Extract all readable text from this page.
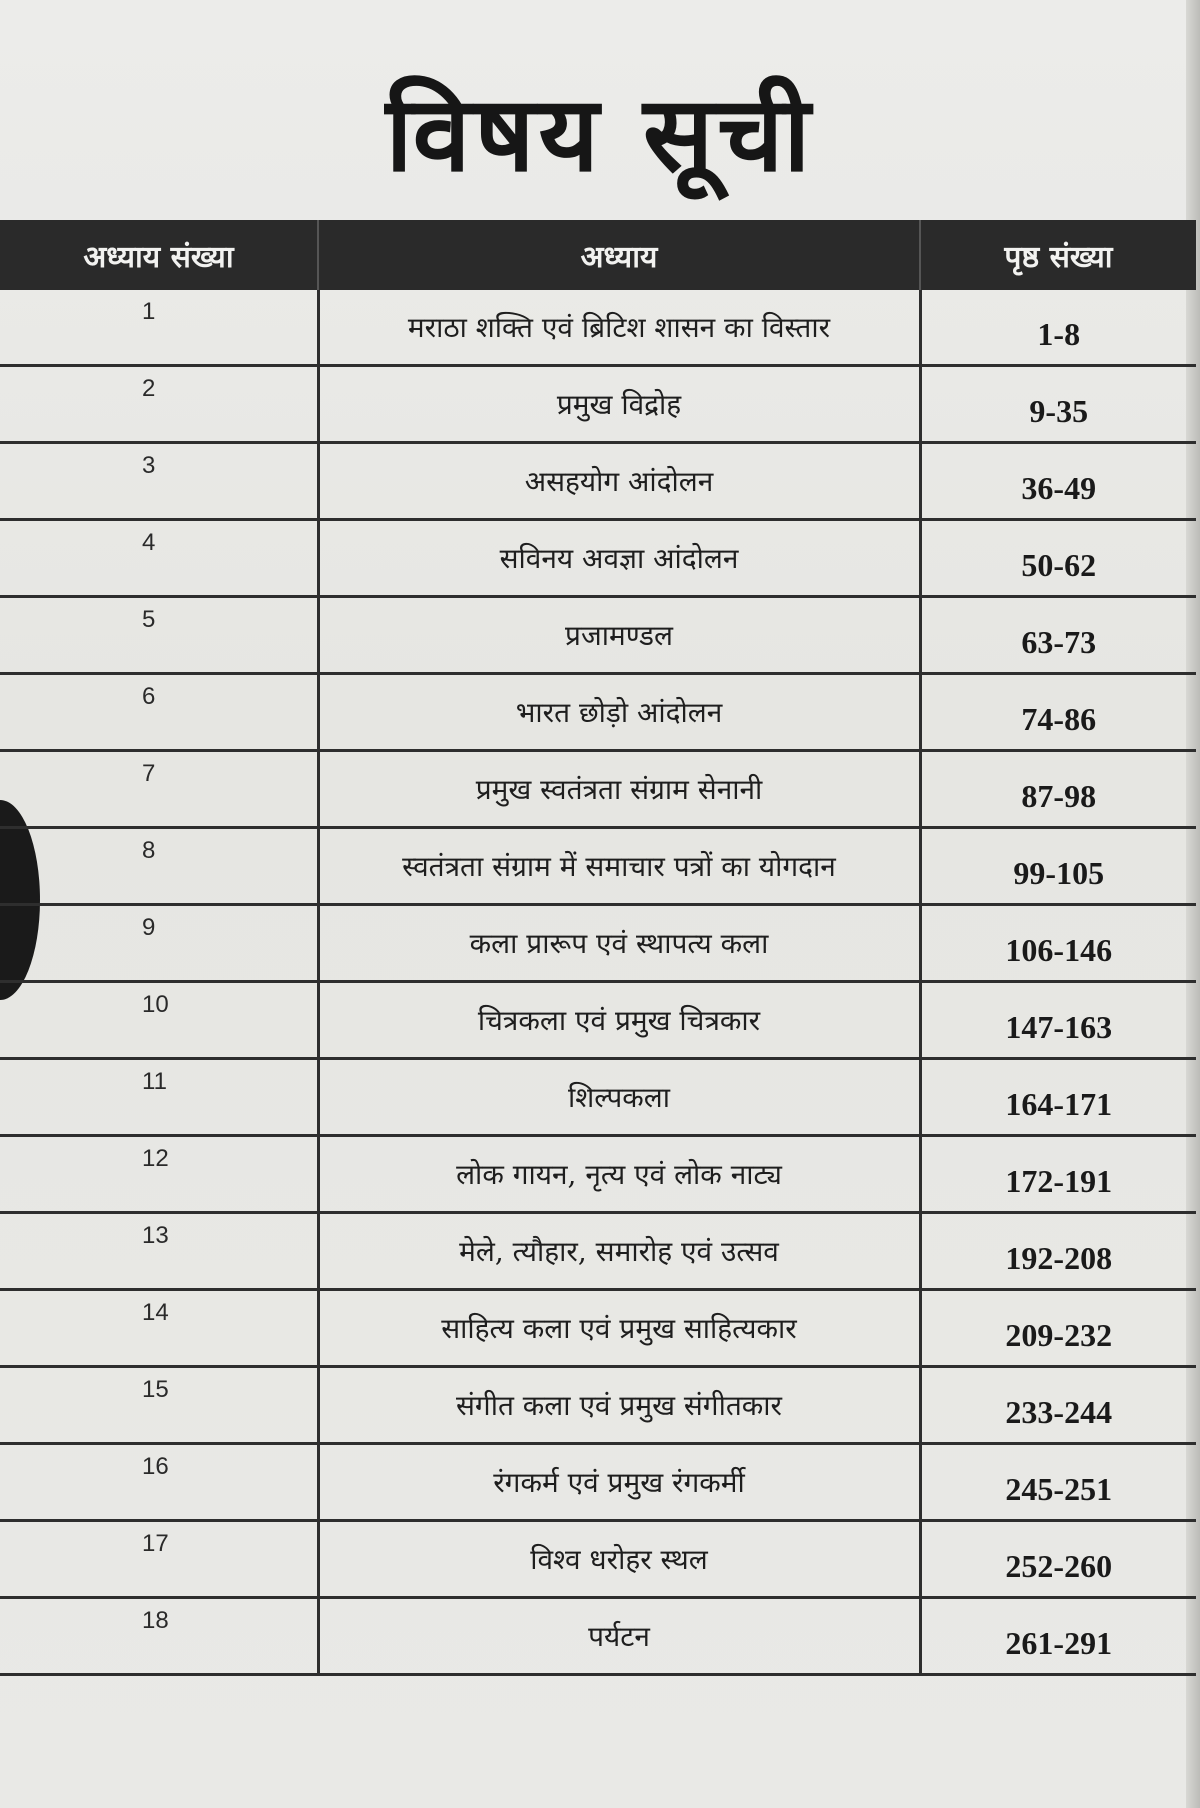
विषय सूची
अध्याय संख्या	अध्याय	पृष्ठ संख्या
1	मराठा शक्ति एवं ब्रिटिश शासन का विस्तार	1-8
2	प्रमुख विद्रोह	9-35
3	असहयोग आंदोलन	36-49
4	सविनय अवज्ञा आंदोलन	50-62
5	प्रजामण्डल	63-73
6	भारत छोड़ो आंदोलन	74-86
7	प्रमुख स्वतंत्रता संग्राम सेनानी	87-98
8	स्वतंत्रता संग्राम में समाचार पत्रों का योगदान	99-105
9	कला प्रारूप एवं स्थापत्य कला	106-146
10	चित्रकला एवं प्रमुख चित्रकार	147-163
11	शिल्पकला	164-171
12	लोक गायन, नृत्य एवं लोक नाट्य	172-191
13	मेले, त्यौहार, समारोह एवं उत्सव	192-208
14	साहित्य कला एवं प्रमुख साहित्यकार	209-232
15	संगीत कला एवं प्रमुख संगीतकार	233-244
16	रंगकर्म एवं प्रमुख रंगकर्मी	245-251
17	विश्व धरोहर स्थल	252-260
18	पर्यटन	261-291
